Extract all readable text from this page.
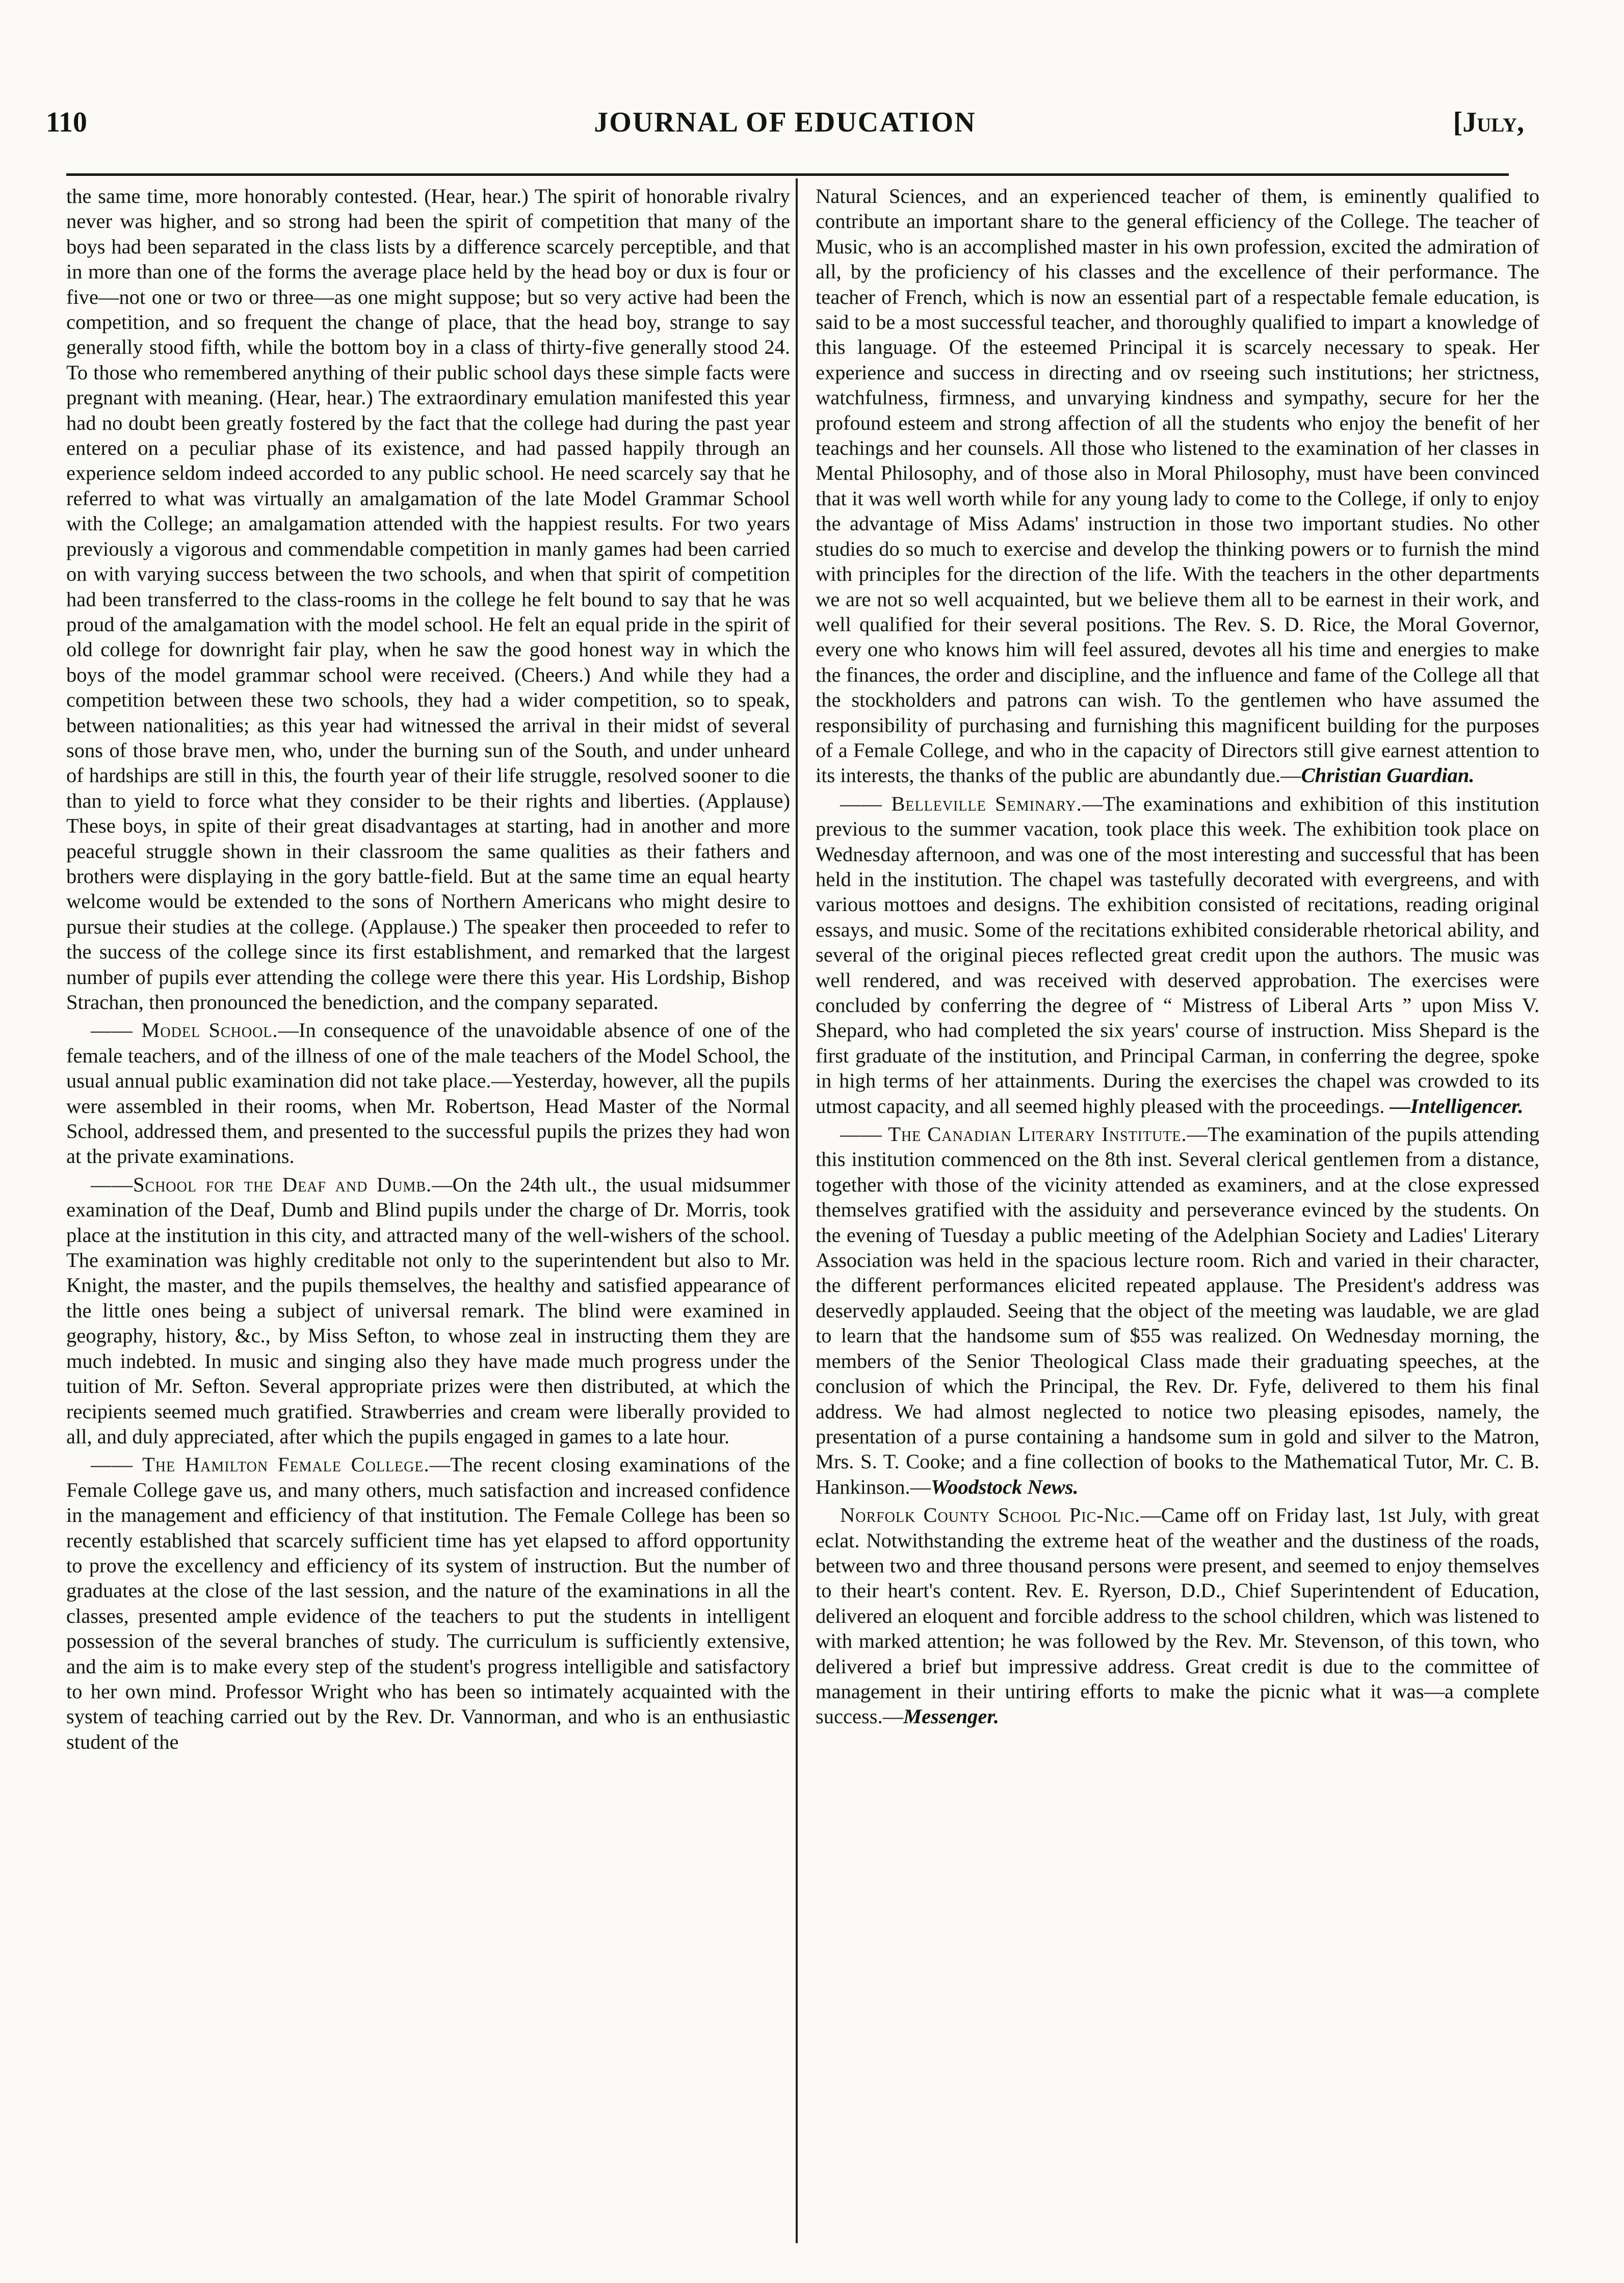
110	JOURNAL OF EDUCATION	[July,

the same time, more honorably contested. (Hear, hear.) The spirit of honorable rivalry never was higher, and so strong had been the spirit of competition that many of the boys had been separated in the class lists by a difference scarcely perceptible, and that in more than one of the forms the average place held by the head boy or dux is four or five—not one or two or three—as one might suppose; but so very active had been the competition, and so frequent the change of place, that the head boy, strange to say generally stood fifth, while the bottom boy in a class of thirty-five generally stood 24. To those who remembered anything of their public school days these simple facts were pregnant with meaning. (Hear, hear.) The extraordinary emulation manifested this year had no doubt been greatly fostered by the fact that the college had during the past year entered on a peculiar phase of its existence, and had passed happily through an experience seldom indeed accorded to any public school. He need scarcely say that he referred to what was virtually an amalgamation of the late Model Grammar School with the College; an amalgamation attended with the happiest results. For two years previously a vigorous and commendable competition in manly games had been carried on with varying success between the two schools, and when that spirit of competition had been transferred to the class-rooms in the college he felt bound to say that he was proud of the amalgamation with the model school. He felt an equal pride in the spirit of old college for downright fair play, when he saw the good honest way in which the boys of the model grammar school were received. (Cheers.) And while they had a competition between these two schools, they had a wider competition, so to speak, between nationalities; as this year had witnessed the arrival in their midst of several sons of those brave men, who, under the burning sun of the South, and under unheard of hardships are still in this, the fourth year of their life struggle, resolved sooner to die than to yield to force what they consider to be their rights and liberties. (Applause) These boys, in spite of their great disadvantages at starting, had in another and more peaceful struggle shown in their classroom the same qualities as their fathers and brothers were displaying in the gory battle-field. But at the same time an equal hearty welcome would be extended to the sons of Northern Americans who might desire to pursue their studies at the college. (Applause.) The speaker then proceeded to refer to the success of the college since its first establishment, and remarked that the largest number of pupils ever attending the college were there this year. His Lordship, Bishop Strachan, then pronounced the benediction, and the company separated.

—— Model School.—In consequence of the unavoidable absence of one of the female teachers, and of the illness of one of the male teachers of the Model School, the usual annual public examination did not take place.—Yesterday, however, all the pupils were assembled in their rooms, when Mr. Robertson, Head Master of the Normal School, addressed them, and presented to the successful pupils the prizes they had won at the private examinations.

——School for the Deaf and Dumb.—On the 24th ult., the usual midsummer examination of the Deaf, Dumb and Blind pupils under the charge of Dr. Morris, took place at the institution in this city, and attracted many of the well-wishers of the school. The examination was highly creditable not only to the superintendent but also to Mr. Knight, the master, and the pupils themselves, the healthy and satisfied appearance of the little ones being a subject of universal remark. The blind were examined in geography, history, &c., by Miss Sefton, to whose zeal in instructing them they are much indebted. In music and singing also they have made much progress under the tuition of Mr. Sefton. Several appropriate prizes were then distributed, at which the recipients seemed much gratified. Strawberries and cream were liberally provided to all, and duly appreciated, after which the pupils engaged in games to a late hour.

—— The Hamilton Female College.—The recent closing examinations of the Female College gave us, and many others, much satisfaction and increased confidence in the management and efficiency of that institution. The Female College has been so recently established that scarcely sufficient time has yet elapsed to afford opportunity to prove the excellency and efficiency of its system of instruction. But the number of graduates at the close of the last session, and the nature of the examinations in all the classes, presented ample evidence of the teachers to put the students in intelligent possession of the several branches of study. The curriculum is sufficiently extensive, and the aim is to make every step of the student's progress intelligible and satisfactory to her own mind. Professor Wright who has been so intimately acquainted with the system of teaching carried out by the Rev. Dr. Vannorman, and who is an enthusiastic student of the

Natural Sciences, and an experienced teacher of them, is eminently qualified to contribute an important share to the general efficiency of the College. The teacher of Music, who is an accomplished master in his own profession, excited the admiration of all, by the proficiency of his classes and the excellence of their performance. The teacher of French, which is now an essential part of a respectable female education, is said to be a most successful teacher, and thoroughly qualified to impart a knowledge of this language. Of the esteemed Principal it is scarcely necessary to speak. Her experience and success in directing and ov rseeing such institutions; her strictness, watchfulness, firmness, and unvarying kindness and sympathy, secure for her the profound esteem and strong affection of all the students who enjoy the benefit of her teachings and her counsels. All those who listened to the examination of her classes in Mental Philosophy, and of those also in Moral Philosophy, must have been convinced that it was well worth while for any young lady to come to the College, if only to enjoy the advantage of Miss Adams' instruction in those two important studies. No other studies do so much to exercise and develop the thinking powers or to furnish the mind with principles for the direction of the life. With the teachers in the other departments we are not so well acquainted, but we believe them all to be earnest in their work, and well qualified for their several positions. The Rev. S. D. Rice, the Moral Governor, every one who knows him will feel assured, devotes all his time and energies to make the finances, the order and discipline, and the influence and fame of the College all that the stockholders and patrons can wish. To the gentlemen who have assumed the responsibility of purchasing and furnishing this magnificent building for the purposes of a Female College, and who in the capacity of Directors still give earnest attention to its interests, the thanks of the public are abundantly due.—Christian Guardian.

—— Belleville Seminary.—The examinations and exhibition of this institution previous to the summer vacation, took place this week. The exhibition took place on Wednesday afternoon, and was one of the most interesting and successful that has been held in the institution. The chapel was tastefully decorated with evergreens, and with various mottoes and designs. The exhibition consisted of recitations, reading original essays, and music. Some of the recitations exhibited considerable rhetorical ability, and several of the original pieces reflected great credit upon the authors. The music was well rendered, and was received with deserved approbation. The exercises were concluded by conferring the degree of “ Mistress of Liberal Arts ” upon Miss V. Shepard, who had completed the six years' course of instruction. Miss Shepard is the first graduate of the institution, and Principal Carman, in conferring the degree, spoke in high terms of her attainments. During the exercises the chapel was crowded to its utmost capacity, and all seemed highly pleased with the proceedings. —Intelligencer.

—— The Canadian Literary Institute.—The examination of the pupils attending this institution commenced on the 8th inst. Several clerical gentlemen from a distance, together with those of the vicinity attended as examiners, and at the close expressed themselves gratified with the assiduity and perseverance evinced by the students. On the evening of Tuesday a public meeting of the Adelphian Society and Ladies' Literary Association was held in the spacious lecture room. Rich and varied in their character, the different performances elicited repeated applause. The President's address was deservedly applauded. Seeing that the object of the meeting was laudable, we are glad to learn that the handsome sum of $55 was realized. On Wednesday morning, the members of the Senior Theological Class made their graduating speeches, at the conclusion of which the Principal, the Rev. Dr. Fyfe, delivered to them his final address. We had almost neglected to notice two pleasing episodes, namely, the presentation of a purse containing a handsome sum in gold and silver to the Matron, Mrs. S. T. Cooke; and a fine collection of books to the Mathematical Tutor, Mr. C. B. Hankinson.—Woodstock News.

Norfolk County School Pic-Nic.—Came off on Friday last, 1st July, with great eclat. Notwithstanding the extreme heat of the weather and the dustiness of the roads, between two and three thousand persons were present, and seemed to enjoy themselves to their heart's content. Rev. E. Ryerson, D.D., Chief Superintendent of Education, delivered an eloquent and forcible address to the school children, which was listened to with marked attention; he was followed by the Rev. Mr. Stevenson, of this town, who delivered a brief but impressive address. Great credit is due to the committee of management in their untiring efforts to make the picnic what it was—a complete success.—Messenger.
